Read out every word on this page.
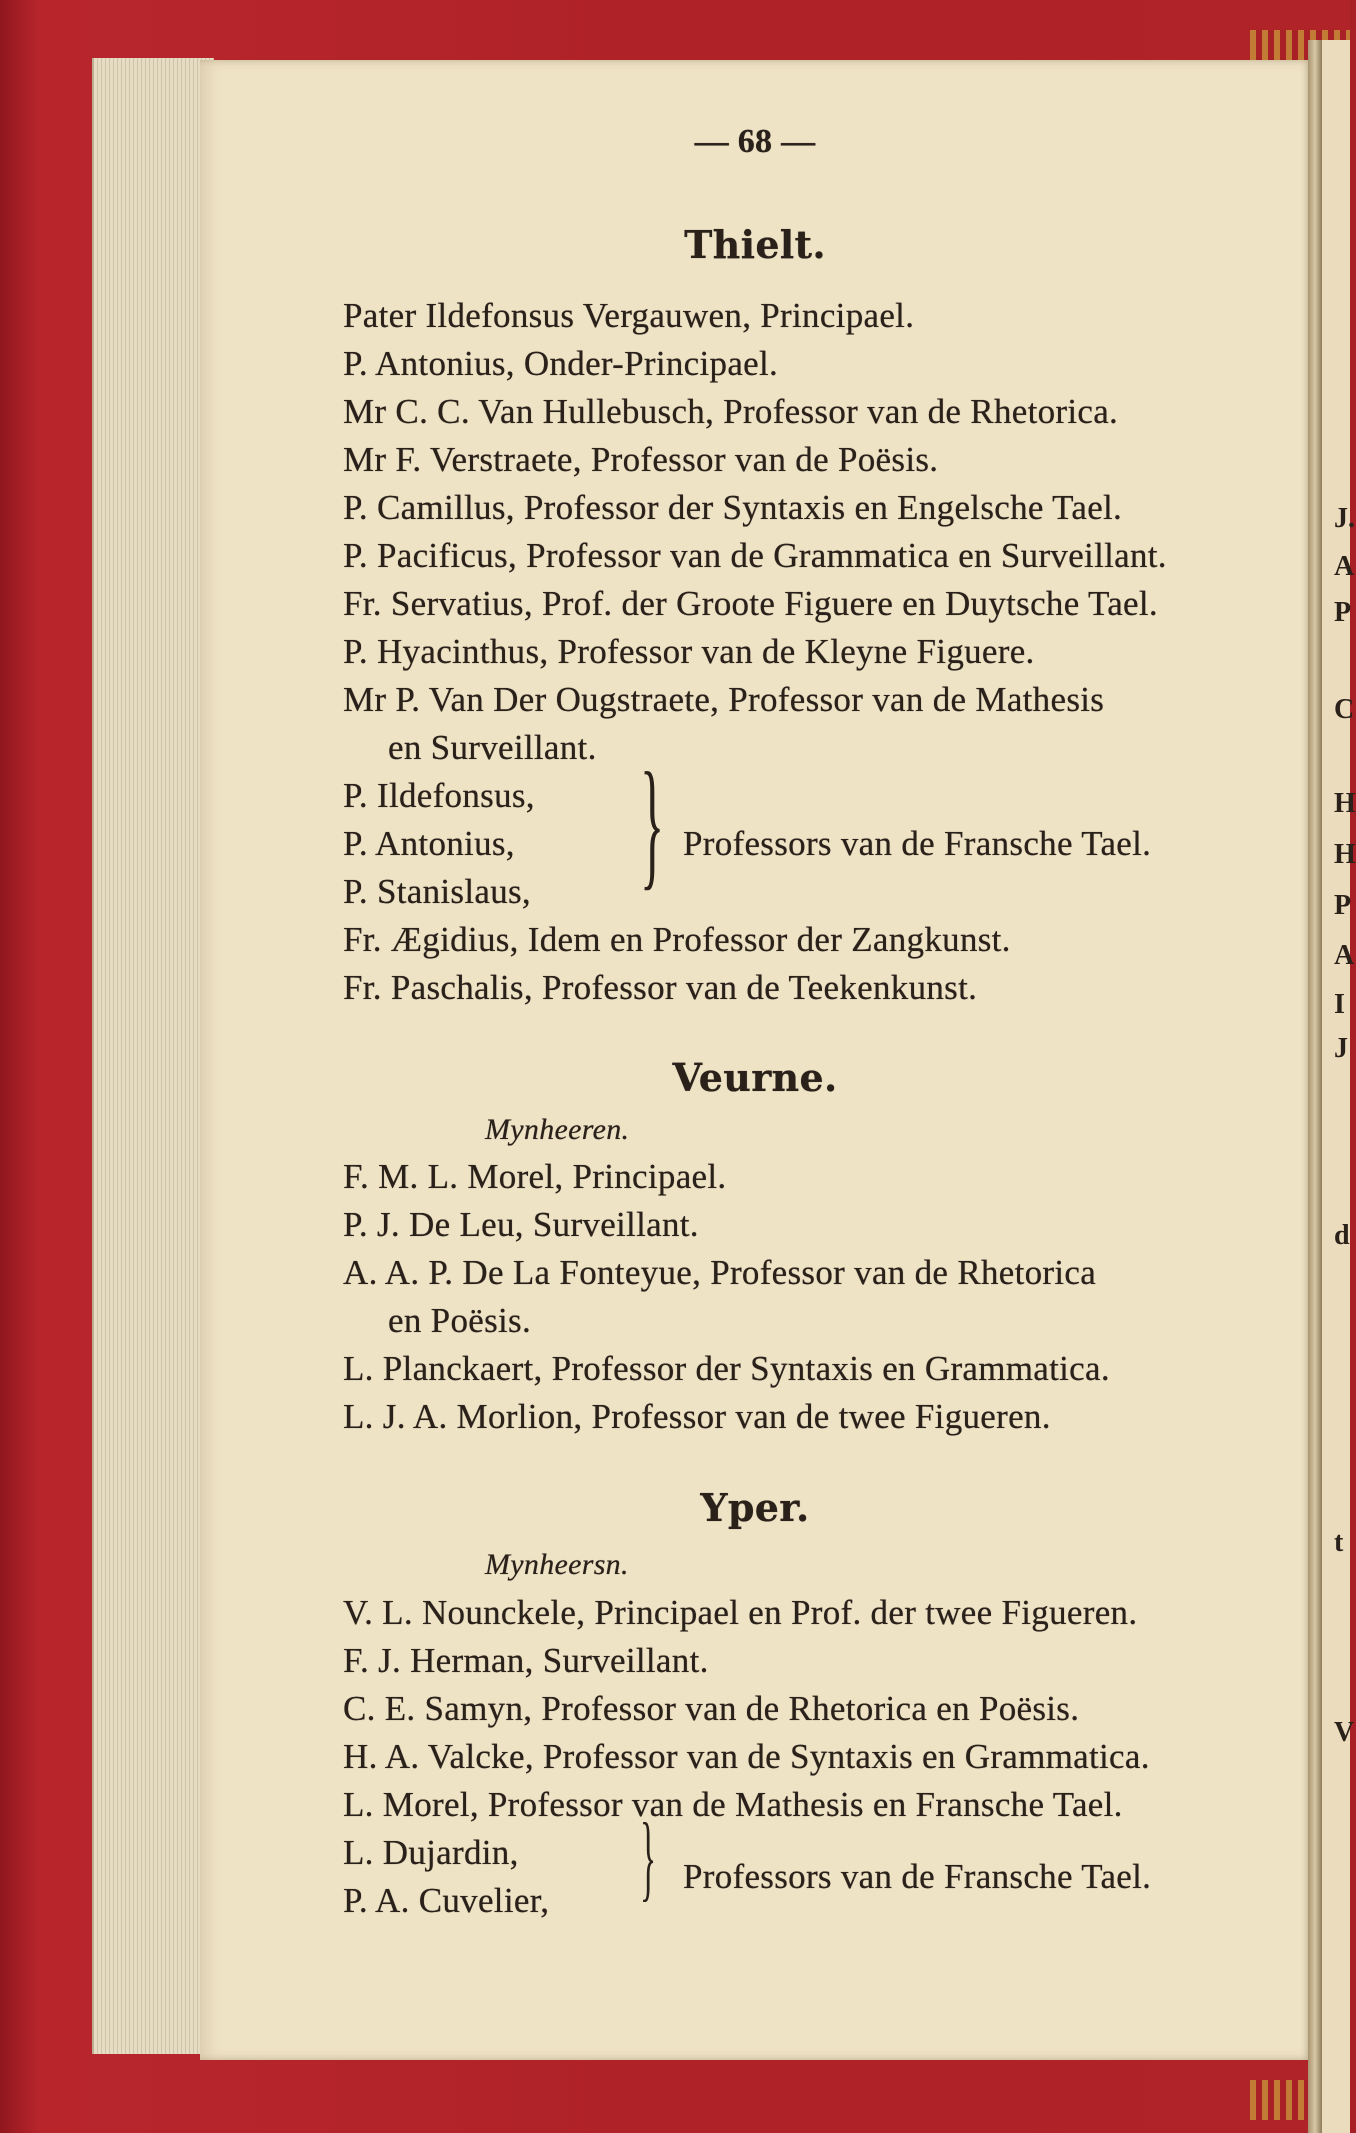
— 68 —
Thielt.
Pater Ildefonsus Vergauwen, Principael.
P. Antonius, Onder-Principael.
Mr C. C. Van Hullebusch, Professor van de Rhetorica.
Mr F. Verstraete, Professor van de Poësis.
P. Camillus, Professor der Syntaxis en Engelsche Tael.
P. Pacificus, Professor van de Grammatica en Surveillant.
Fr. Servatius, Prof. der Groote Figuere en Duytsche Tael.
P. Hyacinthus, Professor van de Kleyne Figuere.
Mr P. Van Der Ougstraete, Professor van de Mathesis
en Surveillant.
P. Ildefonsus,
P. Antonius,
P. Stanislaus, } Professors van de Fransche Tael.
Fr. Ægidius, Idem en Professor der Zangkunst.
Fr. Paschalis, Professor van de Teekenkunst.
Veurne.
Mynheeren.
F. M. L. Morel, Principael.
P. J. De Leu, Surveillant.
A. A. P. De La Fonteyue, Professor van de Rhetorica
en Poësis.
L. Planckaert, Professor der Syntaxis en Grammatica.
L. J. A. Morlion, Professor van de twee Figueren.
Yper.
Mynheersn.
V. L. Nounckele, Principael en Prof. der twee Figueren.
F. J. Herman, Surveillant.
C. E. Samyn, Professor van de Rhetorica en Poësis.
H. A. Valcke, Professor van de Syntaxis en Grammatica.
L. Morel, Professor van de Mathesis en Fransche Tael.
L. Dujardin,
P. A. Cuvelier, } Professors van de Fransche Tael.
J.
A
P
C
H
H
P
A
I
J
d
t
V
